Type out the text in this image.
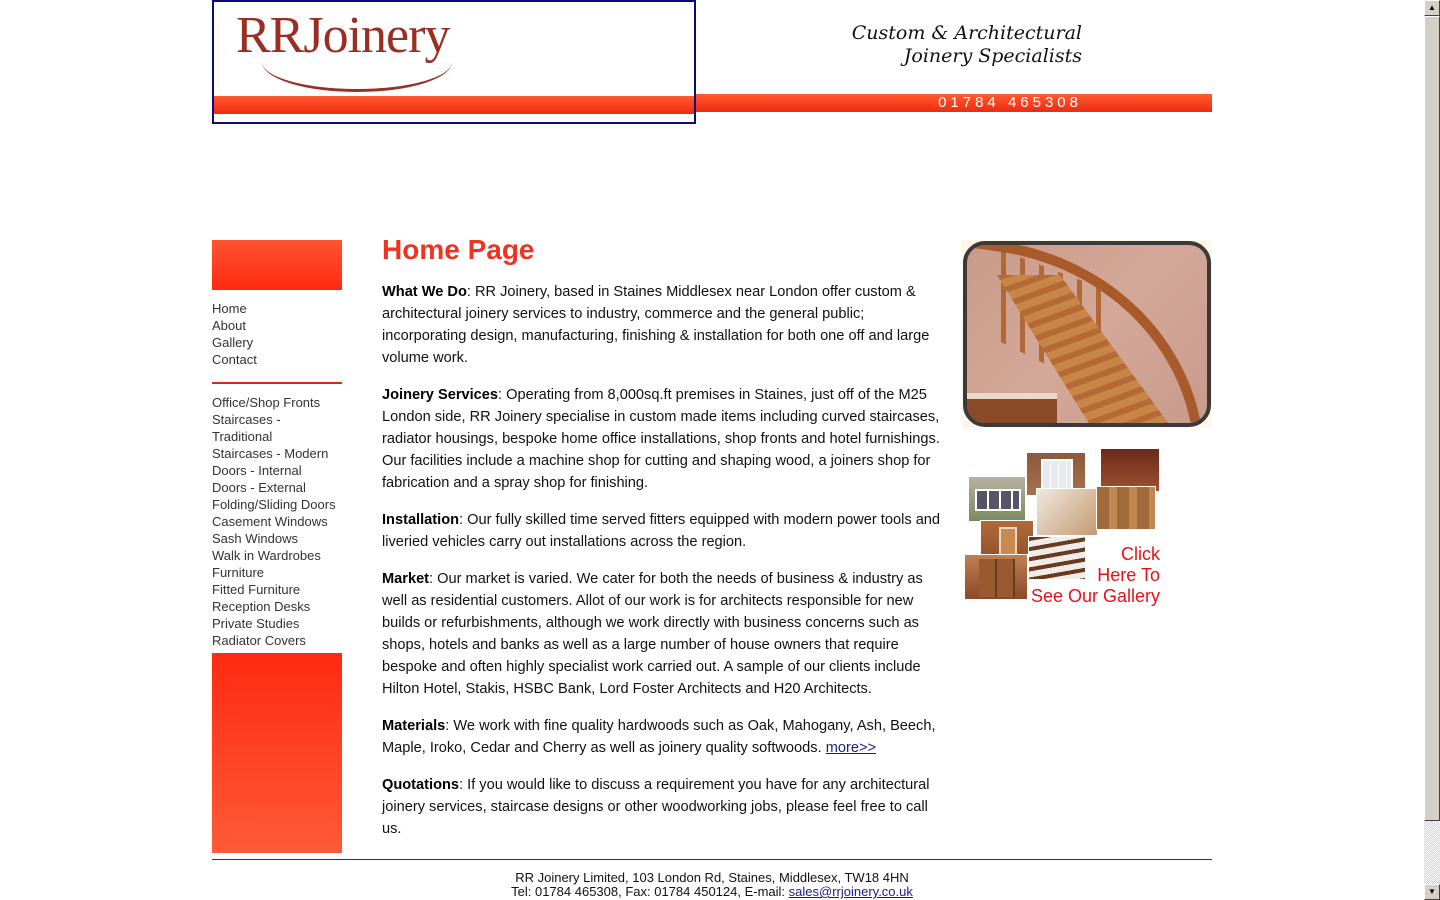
RRJoinery	Custom & Architectural
Joinery Specialists
01784 465308
Home
About
Gallery
Contact
Office/Shop Fronts
Staircases - Traditional
Staircases - Modern
Doors - Internal
Doors - External
Folding/Sliding Doors
Casement Windows
Sash Windows
Walk in Wardrobes
Furniture
Fitted Furniture
Reception Desks
Private Studies
Radiator Covers
Home Page

What We Do: RR Joinery, based in Staines Middlesex near London offer custom & architectural joinery services to industry, commerce and the general public; incorporating design, manufacturing, finishing & installation for both one off and large volume work.

Joinery Services: Operating from 8,000sq.ft premises in Staines, just off of the M25 London side, RR Joinery specialise in custom made items including curved staircases, radiator housings, bespoke home office installations, shop fronts and hotel furnishings. Our facilities include a machine shop for cutting and shaping wood, a joiners shop for fabrication and a spray shop for finishing.

Installation: Our fully skilled time served fitters equipped with modern power tools and liveried vehicles carry out installations across the region.

Market: Our market is varied. We cater for both the needs of business & industry as well as residential customers. Allot of our work is for architects responsible for new builds or refurbishments, although we work directly with business concerns such as shops, hotels and banks as well as a large number of house owners that require bespoke and often highly specialist work carried out. A sample of our clients include Hilton Hotel, Stakis, HSBC Bank, Lord Foster Architects and H20 Architects.

Materials: We work with fine quality hardwoods such as Oak, Mahogany, Ash, Beech, Maple, Iroko, Cedar and Cherry as well as joinery quality softwoods. more>>

Quotations: If you would like to discuss a requirement you have for any architectural joinery services, staircase designs or other woodworking jobs, please feel free to call us.

Click
Here To
See Our Gallery
RR Joinery Limited, 103 London Rd, Staines, Middlesex, TW18 4HN
Tel: 01784 465308, Fax: 01784 450124, E-mail: sales@rrjoinery.co.uk
▲
▼
